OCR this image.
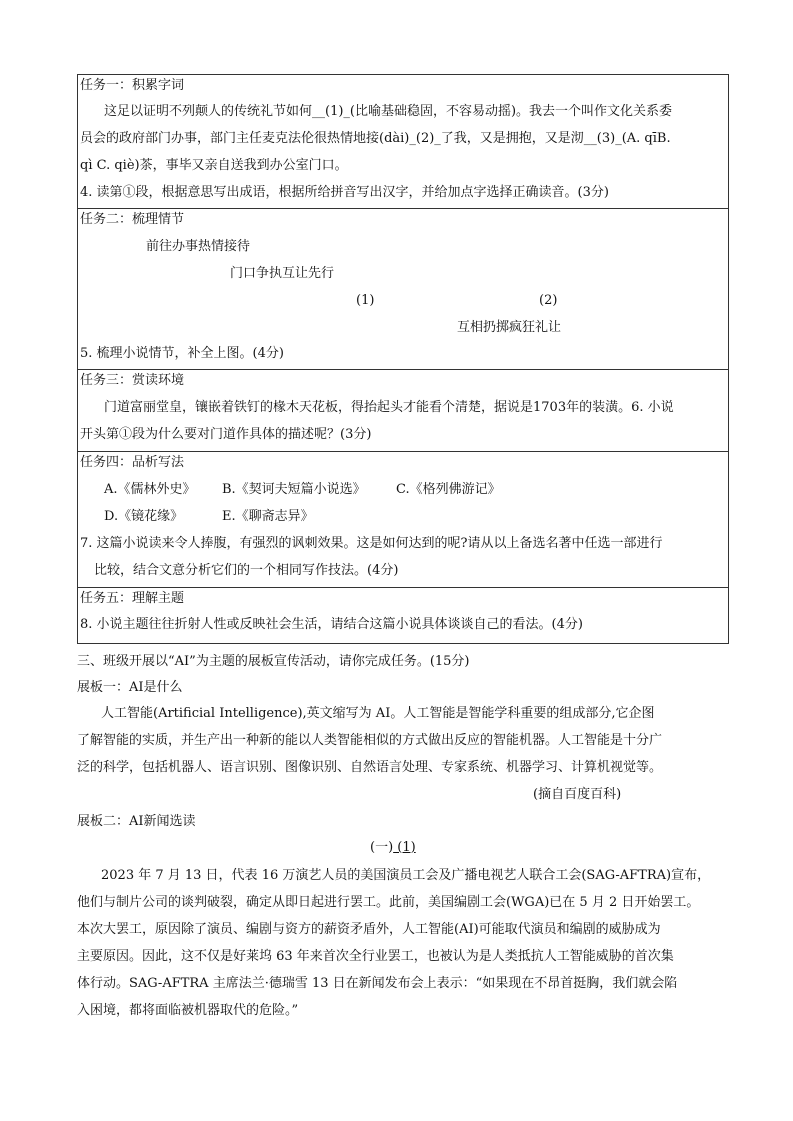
任务一：积累字词
这足以证明不列颠人的传统礼节如何__(1)_(比喻基础稳固，不容易动摇)。我去一个叫作文化关系委
员会的政府部门办事，部门主任麦克法伦很热情地接(dài)_(2)_了我，又是拥抱，又是沏__(3)_(A. qīB.
qì C. qiè)茶，事毕又亲自送我到办公室门口。
4. 读第①段，根据意思写出成语，根据所给拼音写出汉字，并给加点字选择正确读音。(3分)
任务二：梳理情节
前往办事热情接待
门口争执互让先行
(1)	(2)
互相扔掷疯狂礼让
5. 梳理小说情节，补全上图。(4分)
任务三：赏读环境
门道富丽堂皇，镶嵌着铁钉的椽木天花板，得抬起头才能看个清楚，据说是1703年的装潢。6. 小说
开头第①段为什么要对门道作具体的描述呢？(3分)
任务四：品析写法
A.《儒林外史》 B.《契诃夫短篇小说选》 C.《格列佛游记》
D.《镜花缘》	E.《聊斋志异》
7. 这篇小说读来令人捧腹，有强烈的讽刺效果。这是如何达到的呢?请从以上备选名著中任选一部进行
比较，结合文意分析它们的一个相同写作技法。(4分)
任务五：理解主题
8. 小说主题往往折射人性或反映社会生活，请结合这篇小说具体谈谈自己的看法。(4分)
三、班级开展以“AI”为主题的展板宣传活动，请你完成任务。(15分)
展板一：AI是什么
人工智能(Artificial Intelligence),英文缩写为 AI。人工智能是智能学科重要的组成部分,它企图
了解智能的实质，并生产出一种新的能以人类智能相似的方式做出反应的智能机器。人工智能是十分广
泛的科学，包括机器人、语言识别、图像识别、自然语言处理、专家系统、机器学习、计算机视觉等。
(摘自百度百科)
展板二：AI新闻选读
(一) (1)
2023 年 7 月 13 日，代表 16 万演艺人员的美国演员工会及广播电视艺人联合工会(SAG-AFTRA)宣布，
他们与制片公司的谈判破裂，确定从即日起进行罢工。此前，美国编剧工会(WGA)已在 5 月 2 日开始罢工。
本次大罢工，原因除了演员、编剧与资方的薪资矛盾外，人工智能(AI)可能取代演员和编剧的威胁成为
主要原因。因此，这不仅是好莱坞 63 年来首次全行业罢工，也被认为是人类抵抗人工智能威胁的首次集
体行动。SAG-AFTRA 主席法兰·德瑞雪 13 日在新闻发布会上表示：“如果现在不昂首挺胸，我们就会陷
入困境，都将面临被机器取代的危险。”
